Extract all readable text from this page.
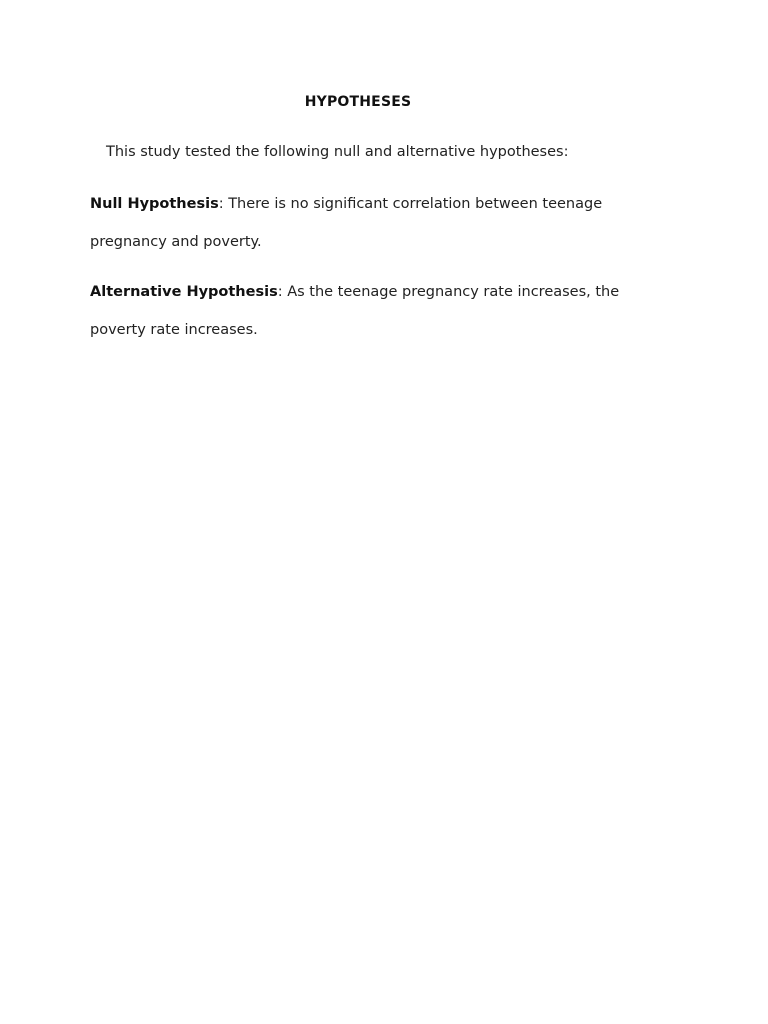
HYPOTHESES
This study tested the following null and alternative hypotheses:
Null Hypothesis: There is no significant correlation between teenage pregnancy and poverty.
Alternative Hypothesis: As the teenage pregnancy rate increases, the poverty rate increases.
